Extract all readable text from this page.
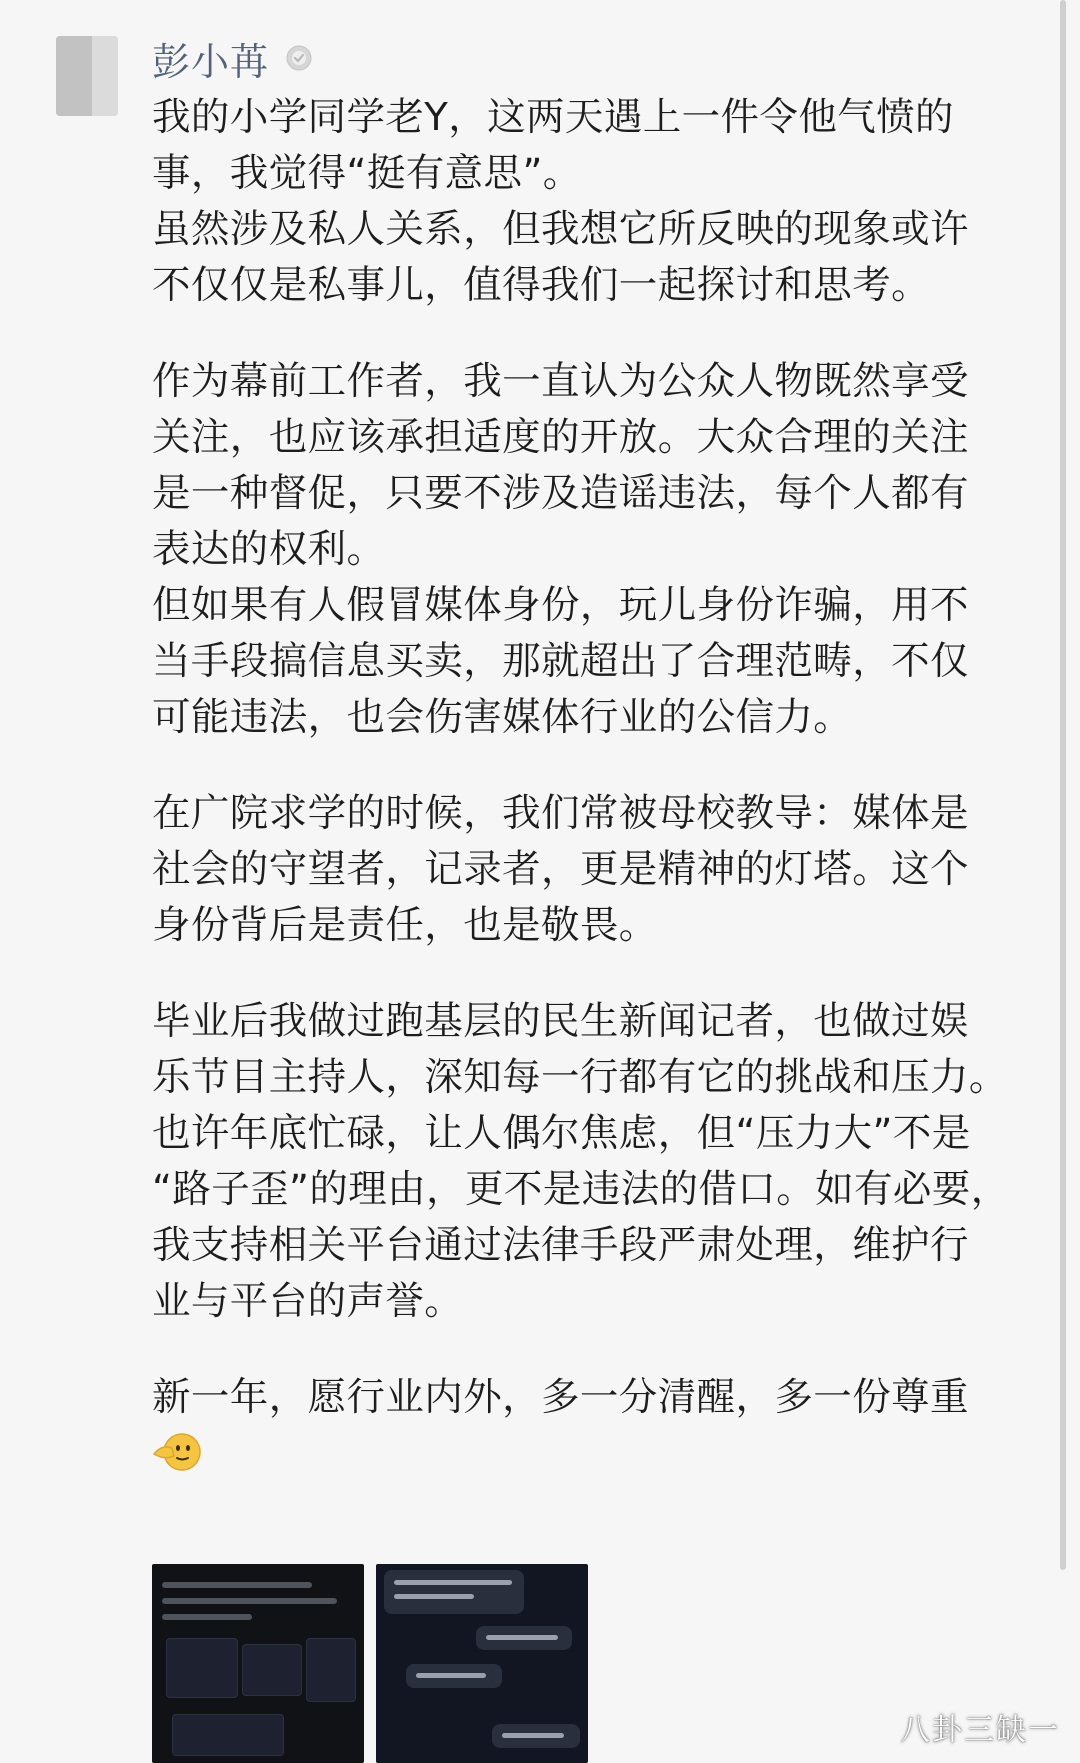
彭小苒
我的小学同学老Y，这两天遇上一件令他气愤的
事，我觉得“挺有意思”。
虽然涉及私人关系，但我想它所反映的现象或许
不仅仅是私事儿，值得我们一起探讨和思考。
作为幕前工作者，我一直认为公众人物既然享受
关注，也应该承担适度的开放。大众合理的关注
是一种督促，只要不涉及造谣违法，每个人都有
表达的权利。
但如果有人假冒媒体身份，玩儿身份诈骗，用不
当手段搞信息买卖，那就超出了合理范畴，不仅
可能违法，也会伤害媒体行业的公信力。
在广院求学的时候，我们常被母校教导：媒体是
社会的守望者，记录者，更是精神的灯塔。这个
身份背后是责任，也是敬畏。
毕业后我做过跑基层的民生新闻记者，也做过娱
乐节目主持人，深知每一行都有它的挑战和压力。
也许年底忙碌，让人偶尔焦虑，但“压力大”不是
“路子歪”的理由，更不是违法的借口。如有必要，
我支持相关平台通过法律手段严肃处理，维护行
业与平台的声誉。
新一年，愿行业内外，多一分清醒，多一份尊重
八卦三缺一
